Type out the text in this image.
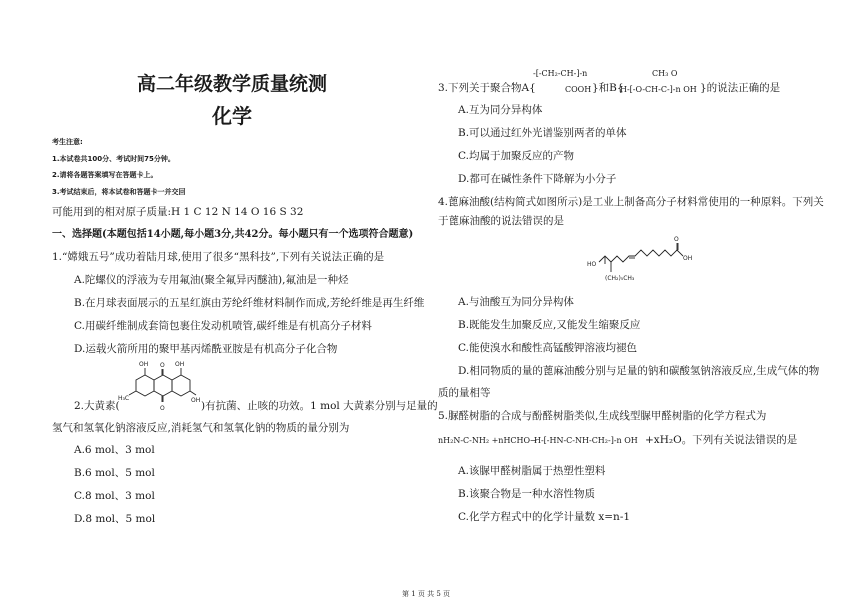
高二年级教学质量统测
化学
考生注意:
1.本试卷共100分、考试时间75分钟。
2.请将各题答案填写在答题卡上。
3.考试结束后，将本试卷和答题卡一并交回
可能用到的相对原子质量:H 1 C 12 N 14 O 16 S 32
一、选择题(本题包括14小题,每小题3分,共42分。每小题只有一个选项符合题意)
1.“嫦娥五号”成功着陆月球,使用了很多“黑科技”,下列有关说法正确的是
A.陀螺仪的浮液为专用氟油(聚全氟异丙醚油),氟油是一种烃
B.在月球表面展示的五星红旗由芳纶纤维材料制作而成,芳纶纤维是再生纤维
C.用碳纤维制成套筒包裹住发动机喷管,碳纤维是有机高分子材料
D.运载火箭所用的聚甲基丙烯酰亚胺是有机高分子化合物
2.大黄素(
OH O OH
H₃C	OH
O	)有抗菌、止咳的功效。1 mol 大黄素分别与足量的
氢气和氢氧化钠溶液反应,消耗氢气和氢氧化钠的物质的量分别为
A.6 mol、3 mol
B.6 mol、5 mol
C.8 mol、3 mol
D.8 mol、5 mol
3.下列关于聚合物A{
-[-CH₂-CH-]-n
COOH }和B{
CH₃ O
H-[-O-CH-C-]-n OH }的说法正确的是
A.互为同分异构体
B.可以通过红外光谱鉴别两者的单体
C.均属于加聚反应的产物
D.都可在碱性条件下降解为小分子
4.蓖麻油酸(结构简式如图所示)是工业上制备高分子材料常使用的一种原料。下列关
于蓖麻油酸的说法错误的是
HO
O
OH
(CH₂)₅CH₃
A.与油酸互为同分异构体
B.既能发生加聚反应,又能发生缩聚反应
C.能使溴水和酸性高锰酸钾溶液均褪色
D.相同物质的量的蓖麻油酸分别与足量的钠和碳酸氢钠溶液反应,生成气体的物
质的量相等
5.脲醛树脂的合成与酚醛树脂类似,生成线型脲甲醛树脂的化学方程式为
nH₂N-C-NH₂ +nHCHO→
H-[-HN-C-NH-CH₂-]-n OH +xH₂O。下列有关说法错误的是
A.该脲甲醛树脂属于热塑性塑料
B.该聚合物是一种水溶性物质
C.化学方程式中的化学计量数 x=n-1
第 1 页 共 5 页
